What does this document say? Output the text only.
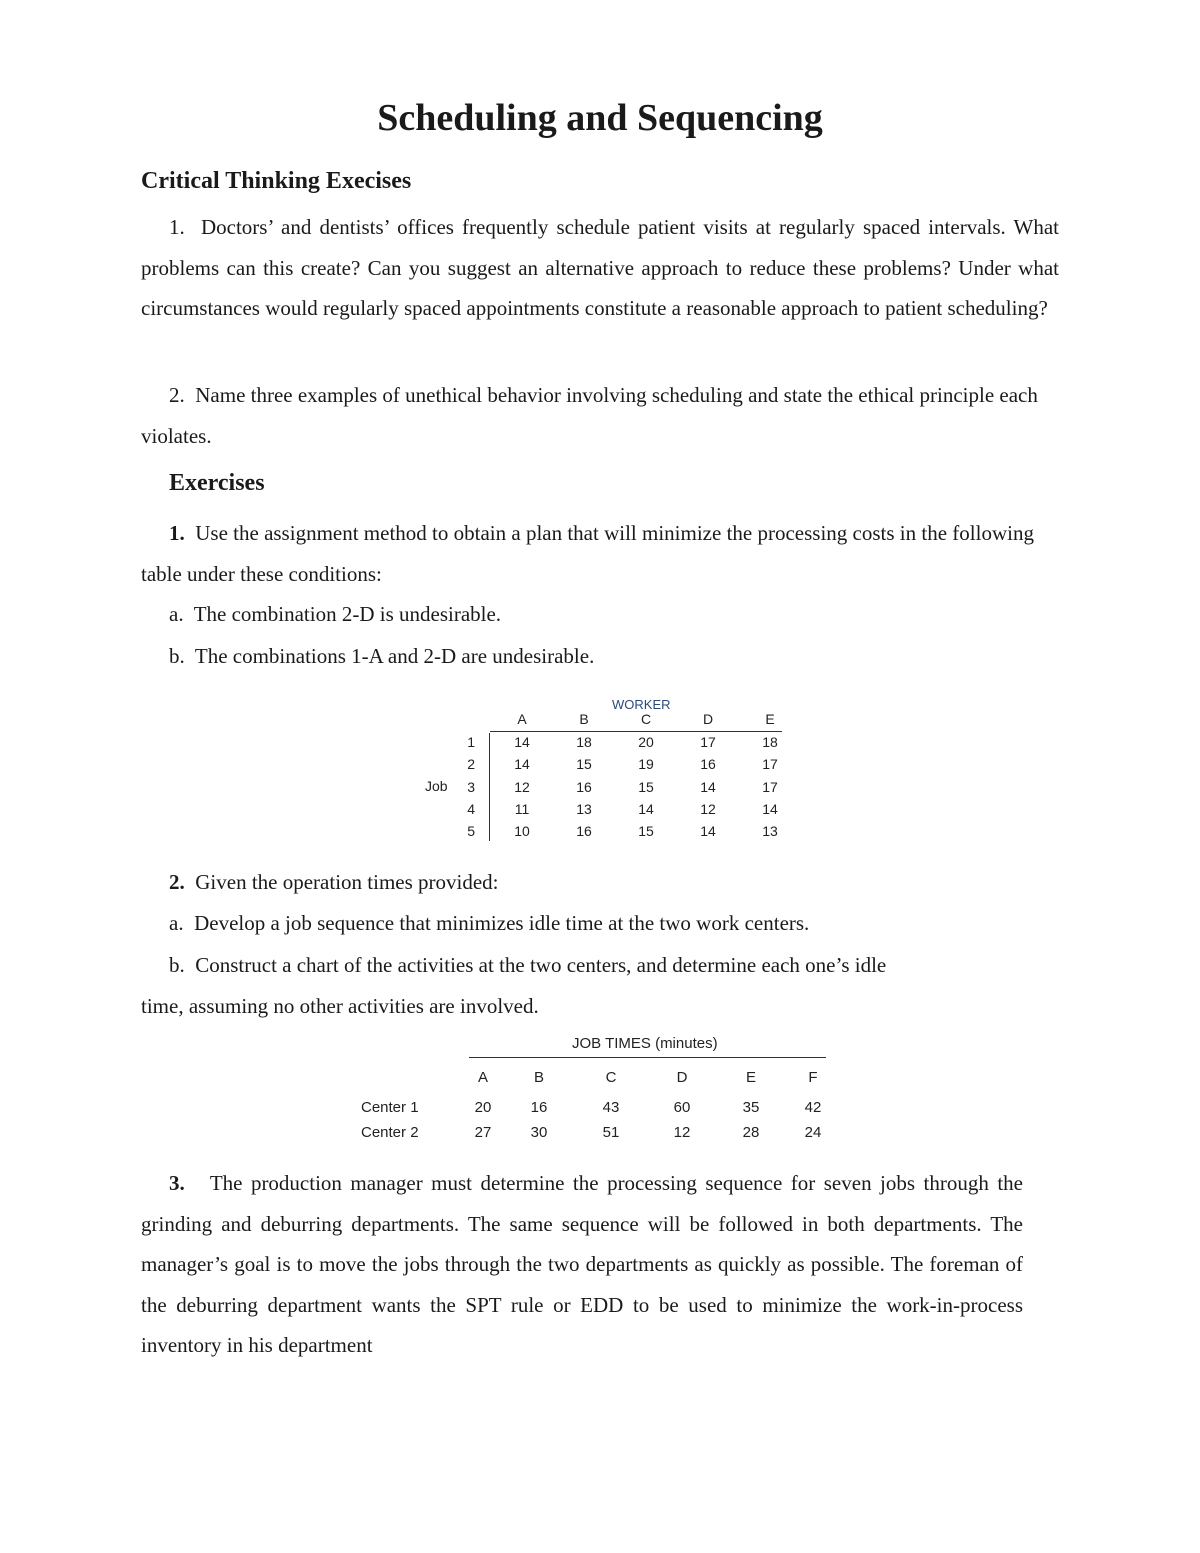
Scheduling and Sequencing
Critical Thinking Execises
1. Doctors’ and dentists’ offices frequently schedule patient visits at regularly spaced intervals. What problems can this create? Can you suggest an alternative approach to reduce these problems? Under what circumstances would regularly spaced appointments constitute a reasonable approach to patient scheduling?
2. Name three examples of unethical behavior involving scheduling and state the ethical principle each violates.
Exercises
1. Use the assignment method to obtain a plan that will minimize the processing costs in the following table under these conditions:
a. The combination 2-D is undesirable.
b. The combinations 1-A and 2-D are undesirable.
WORKER
Job
A	B	C	D	E
1	14	18	20	17	18
2	14	15	19	16	17
3	12	16	15	14	17
4	11	13	14	12	14
5	10	16	15	14	13
2. Given the operation times provided:
a. Develop a job sequence that minimizes idle time at the two work centers.
b. Construct a chart of the activities at the two centers, and determine each one’s idle
time, assuming no other activities are involved.
JOB TIMES (minutes)
A	B	C	D	E	F
Center 1	20	16	43	60	35	42
Center 2	27	30	51	12	28	24
3. The production manager must determine the processing sequence for seven jobs through the grinding and deburring departments. The same sequence will be followed in both departments. The manager’s goal is to move the jobs through the two departments as quickly as possible. The foreman of the deburring department wants the SPT rule or EDD to be used to minimize the work-in-process inventory in his department
